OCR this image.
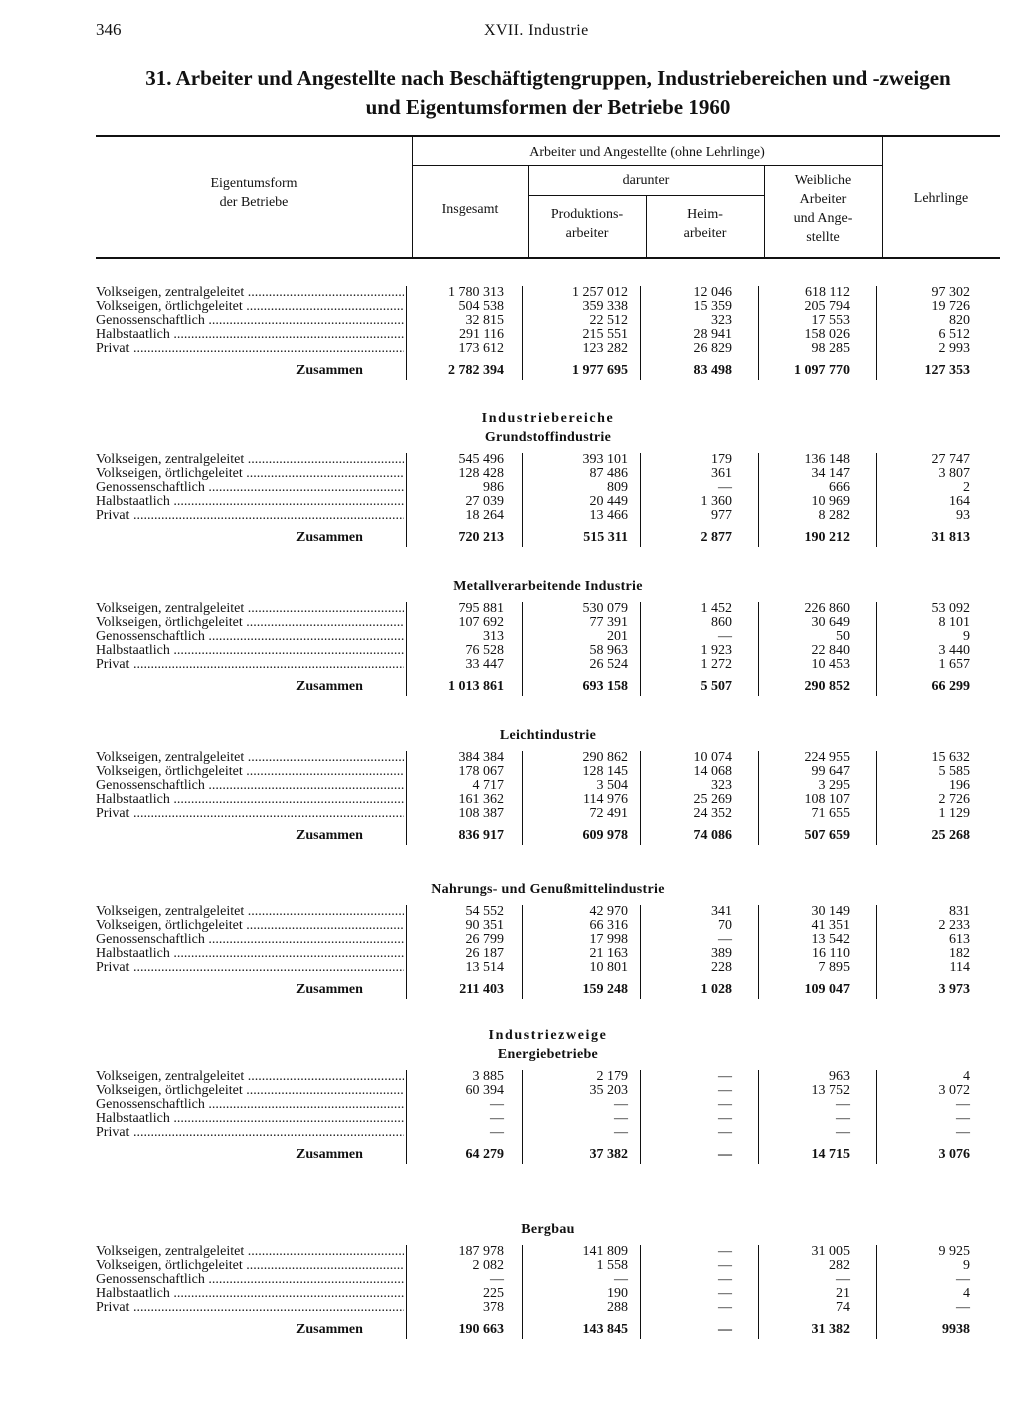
346	XVII. Industrie
31. Arbeiter und Angestellte nach Beschäftigtengruppen, Industriebereichen und -zweigen
und Eigentumsformen der Betriebe 1960
Eigentumsform
der Betriebe
Arbeiter und Angestellte (ohne Lehrlinge)
darunter
Insgesamt	Produktions-
arbeiter
Heim-
arbeiter
Weibliche
Arbeiter
und Ange-
stellte
Lehrlinge
Volkseigen, zentralgeleitet .....	1 780 313	1 257 012	12 046	618 112	97 302
Volkseigen, örtlichgeleitet .....	504 538	359 338	15 359	205 794	19 726
Genossenschaftlich .....	32 815	22 512	323	17 553	820
Halbstaatlich .....	291 116	215 551	28 941	158 026	6 512
Privat .....	173 612	123 282	26 829	98 285	2 993
Zusammen	2 782 394	1 977 695	83 498	1 097 770	127 353
Industriebereiche
Grundstoffindustrie
Volkseigen, zentralgeleitet .....	545 496	393 101	179	136 148	27 747
Volkseigen, örtlichgeleitet .....	128 428	87 486	361	34 147	3 807
Genossenschaftlich .....	986	809	—	666	2
Halbstaatlich .....	27 039	20 449	1 360	10 969	164
Privat .....	18 264	13 466	977	8 282	93
Zusammen	720 213	515 311	2 877	190 212	31 813
Metallverarbeitende Industrie
Volkseigen, zentralgeleitet .....	795 881	530 079	1 452	226 860	53 092
Volkseigen, örtlichgeleitet .....	107 692	77 391	860	30 649	8 101
Genossenschaftlich .....	313	201	—	50	9
Halbstaatlich .....	76 528	58 963	1 923	22 840	3 440
Privat .....	33 447	26 524	1 272	10 453	1 657
Zusammen	1 013 861	693 158	5 507	290 852	66 299
Leichtindustrie
Volkseigen, zentralgeleitet .....	384 384	290 862	10 074	224 955	15 632
Volkseigen, örtlichgeleitet .....	178 067	128 145	14 068	99 647	5 585
Genossenschaftlich .....	4 717	3 504	323	3 295	196
Halbstaatlich .....	161 362	114 976	25 269	108 107	2 726
Privat .....	108 387	72 491	24 352	71 655	1 129
Zusammen	836 917	609 978	74 086	507 659	25 268
Nahrungs- und Genußmittelindustrie
Volkseigen, zentralgeleitet .....	54 552	42 970	341	30 149	831
Volkseigen, örtlichgeleitet .....	90 351	66 316	70	41 351	2 233
Genossenschaftlich .....	26 799	17 998	—	13 542	613
Halbstaatlich .....	26 187	21 163	389	16 110	182
Privat .....	13 514	10 801	228	7 895	114
Zusammen	211 403	159 248	1 028	109 047	3 973
Industriezweige
Energiebetriebe
Volkseigen, zentralgeleitet .....	3 885	2 179	—	963	4
Volkseigen, örtlichgeleitet .....	60 394	35 203	—	13 752	3 072
Genossenschaftlich .....	—	—	—	—	—
Halbstaatlich .....	—	—	—	—	—
Privat .....	—	—	—	—	—
Zusammen	64 279	37 382	—	14 715	3 076
Bergbau
Volkseigen, zentralgeleitet .....	187 978	141 809	—	31 005	9 925
Volkseigen, örtlichgeleitet .....	2 082	1 558	—	282	9
Genossenschaftlich .....	—	—	—	—	—
Halbstaatlich .....	225	190	—	21	4
Privat .....	378	288	—	74	—
Zusammen	190 663	143 845	—	31 382	9938
